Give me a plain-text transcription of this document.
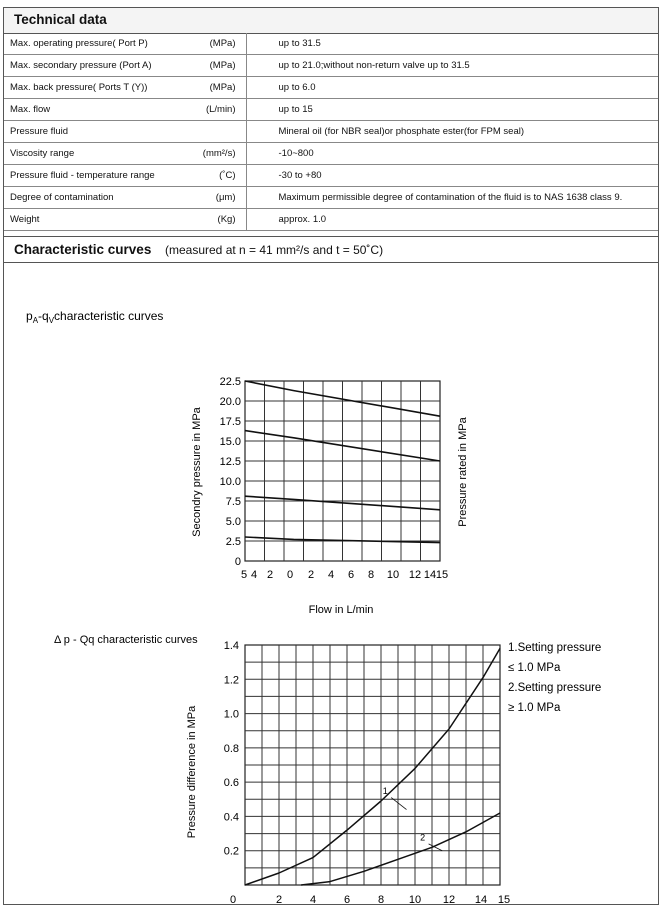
Technical data
Max. operating pressure( Port P) (MPa)	up to 31.5

Max. secondary pressure (Port A) (MPa)	up to 21.0;without non-return valve up to 31.5

Max. back pressure( Ports T (Y)) (MPa)	up to 6.0

Max. flow (L/min)	up to 15

Pressure fluid	Mineral oil (for NBR seal)or phosphate ester(for FPM seal)

Viscosity range (mm²/s)	-10~800

Pressure fluid - temperature range (˚C)	-30 to +80

Degree of contamination (μm)	Maximum permissible degree of contamination of the fluid is to NAS 1638 class 9.

Weight (Kg)	approx. 1.0
Characteristic curves (measured at n = 41 mm²/s and t = 50˚C)
$p_A-q_Vcharacteristic$ curves
0
2.5
5.0
7.5
10.0
12.5
15.0
17.5
20.0
22.5
5 4 2 0 2 4 6 8 10 12 14 15
Flow in L/min
Secondry pressure in MPa	Pressure rated in MPa
Δ p - Qq characteristic curves
0.2
0.4
0.6
0.8
1.0
1.2
1.4
0	2	4	6	8 10 12 14 15
1
2
Pressure difference in MPa
1.Setting pressure
≤ 1.0 MPa
2.Setting pressure
≥ 1.0 MPa
